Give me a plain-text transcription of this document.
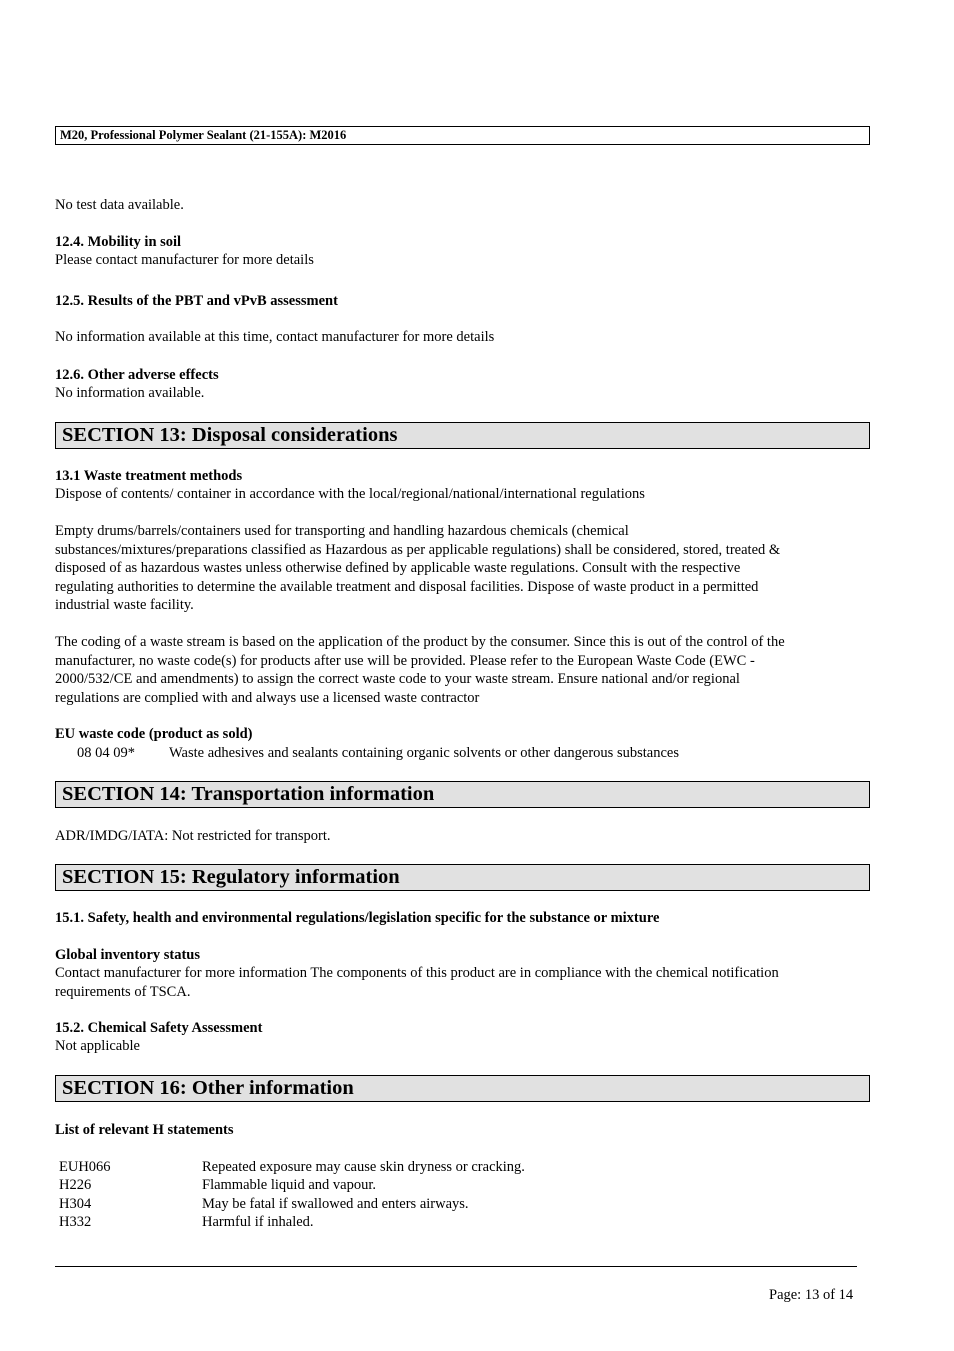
M20, Professional Polymer Sealant (21-155A): M2016
No test data available.
12.4. Mobility in soil
Please contact manufacturer for more details
12.5. Results of the PBT and vPvB assessment
No information available at this time, contact manufacturer for more details
12.6. Other adverse effects
No information available.
SECTION 13: Disposal considerations
13.1 Waste treatment methods
Dispose of contents/ container in accordance with the local/regional/national/international regulations
Empty drums/barrels/containers used for transporting and handling hazardous chemicals (chemical
substances/mixtures/preparations classified as Hazardous as per applicable regulations) shall be considered, stored, treated &
disposed of as hazardous wastes unless otherwise defined by applicable waste regulations. Consult with the respective
regulating authorities to determine the available treatment and disposal facilities. Dispose of waste product in a permitted
industrial waste facility.
The coding of a waste stream is based on the application of the product by the consumer. Since this is out of the control of the
manufacturer, no waste code(s) for products after use will be provided. Please refer to the European Waste Code (EWC -
2000/532/CE and amendments) to assign the correct waste code to your waste stream. Ensure national and/or regional
regulations are complied with and always use a licensed waste contractor
EU waste code (product as sold)
08 04 09* Waste adhesives and sealants containing organic solvents or other dangerous substances
SECTION 14: Transportation information
ADR/IMDG/IATA: Not restricted for transport.
SECTION 15: Regulatory information
15.1. Safety, health and environmental regulations/legislation specific for the substance or mixture
Global inventory status
Contact manufacturer for more information The components of this product are in compliance with the chemical notification
requirements of TSCA.
15.2. Chemical Safety Assessment
Not applicable
SECTION 16: Other information
List of relevant H statements
EUH066	Repeated exposure may cause skin dryness or cracking.
H226	Flammable liquid and vapour.
H304	May be fatal if swallowed and enters airways.
H332	Harmful if inhaled.
Page: 13 of 14
